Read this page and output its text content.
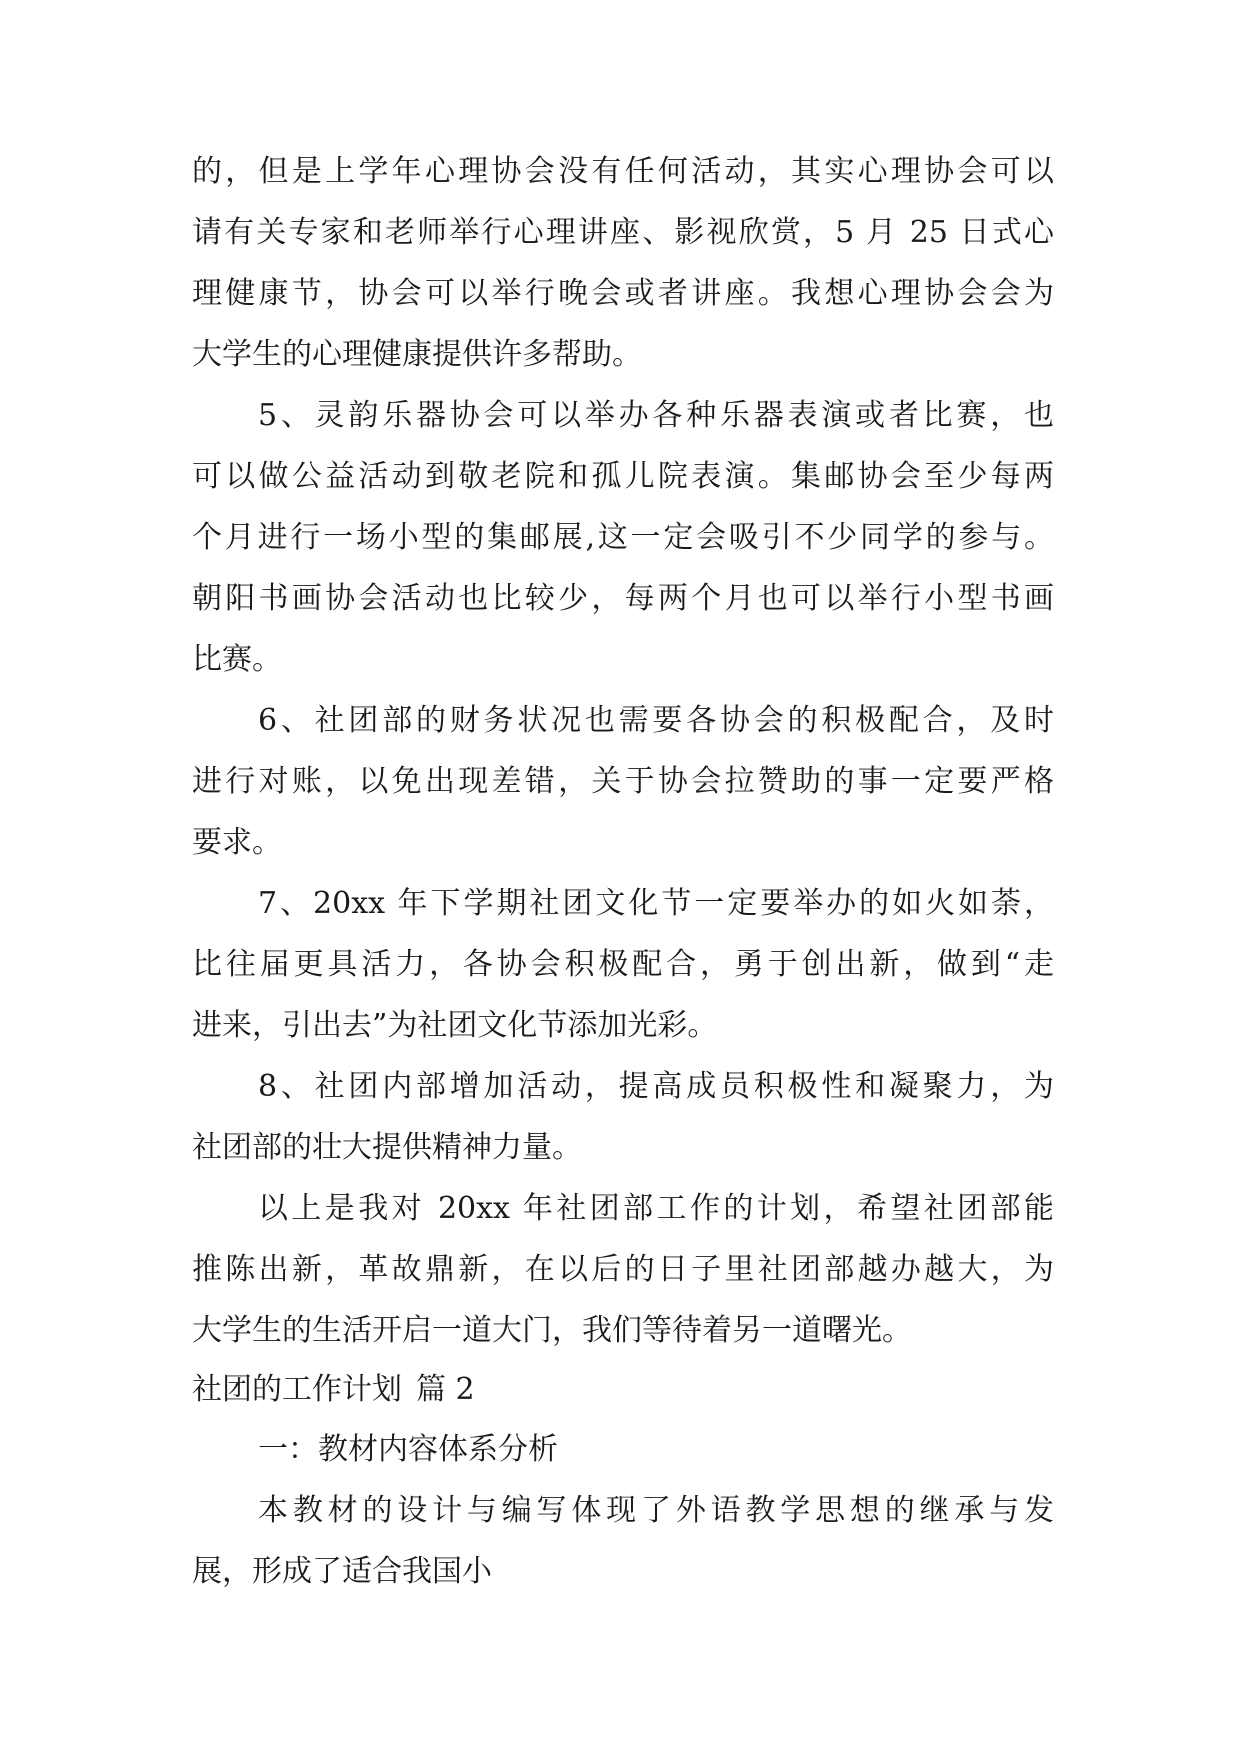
的，但是上学年心理协会没有任何活动，其实心理协会可以
请有关专家和老师举行心理讲座、影视欣赏，5 月 25 日式心
理健康节，协会可以举行晚会或者讲座。我想心理协会会为
大学生的心理健康提供许多帮助。
5、灵韵乐器协会可以举办各种乐器表演或者比赛，也
可以做公益活动到敬老院和孤儿院表演。集邮协会至少每两
个月进行一场小型的集邮展,这一定会吸引不少同学的参与。
朝阳书画协会活动也比较少，每两个月也可以举行小型书画
比赛。
6、社团部的财务状况也需要各协会的积极配合，及时
进行对账，以免出现差错，关于协会拉赞助的事一定要严格
要求。
7、20xx 年下学期社团文化节一定要举办的如火如荼，
比往届更具活力，各协会积极配合，勇于创出新，做到“走
进来，引出去”为社团文化节添加光彩。
8、社团内部增加活动，提高成员积极性和凝聚力，为
社团部的壮大提供精神力量。
以上是我对 20xx 年社团部工作的计划，希望社团部能
推陈出新，革故鼎新，在以后的日子里社团部越办越大，为
大学生的生活开启一道大门，我们等待着另一道曙光。
社团的工作计划 篇 2
一：教材内容体系分析
本教材的设计与编写体现了外语教学思想的继承与发
展，形成了适合我国小
